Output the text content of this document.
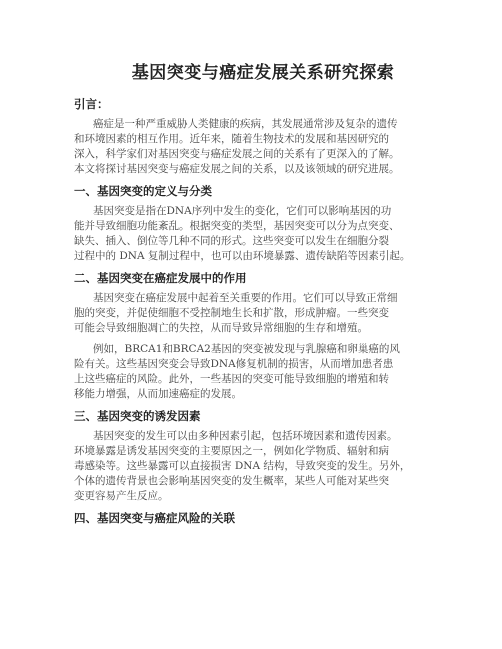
基因突变与癌症发展关系研究探索
引言：
癌症是一种严重威胁人类健康的疾病，其发展通常涉及复杂的遗传
和环境因素的相互作用。近年来，随着生物技术的发展和基因研究的
深入，科学家们对基因突变与癌症发展之间的关系有了更深入的了解。
本文将探讨基因突变与癌症发展之间的关系，以及该领域的研究进展。
一、基因突变的定义与分类
基因突变是指在DNA序列中发生的变化，它们可以影响基因的功
能并导致细胞功能紊乱。根据突变的类型，基因突变可以分为点突变、
缺失、插入、倒位等几种不同的形式。这些突变可以发生在细胞分裂
过程中的 DNA 复制过程中，也可以由环境暴露、遗传缺陷等因素引起。
二、基因突变在癌症发展中的作用
基因突变在癌症发展中起着至关重要的作用。它们可以导致正常细
胞的突变，并促使细胞不受控制地生长和扩散，形成肿瘤。一些突变
可能会导致细胞凋亡的失控，从而导致异常细胞的生存和增殖。
例如，BRCA1和BRCA2基因的突变被发现与乳腺癌和卵巢癌的风
险有关。这些基因突变会导致DNA修复机制的损害，从而增加患者患
上这些癌症的风险。此外，一些基因的突变可能导致细胞的增殖和转
移能力增强，从而加速癌症的发展。
三、基因突变的诱发因素
基因突变的发生可以由多种因素引起，包括环境因素和遗传因素。
环境暴露是诱发基因突变的主要原因之一，例如化学物质、辐射和病
毒感染等。这些暴露可以直接损害 DNA 结构，导致突变的发生。另外，
个体的遗传背景也会影响基因突变的发生概率，某些人可能对某些突
变更容易产生反应。
四、基因突变与癌症风险的关联
